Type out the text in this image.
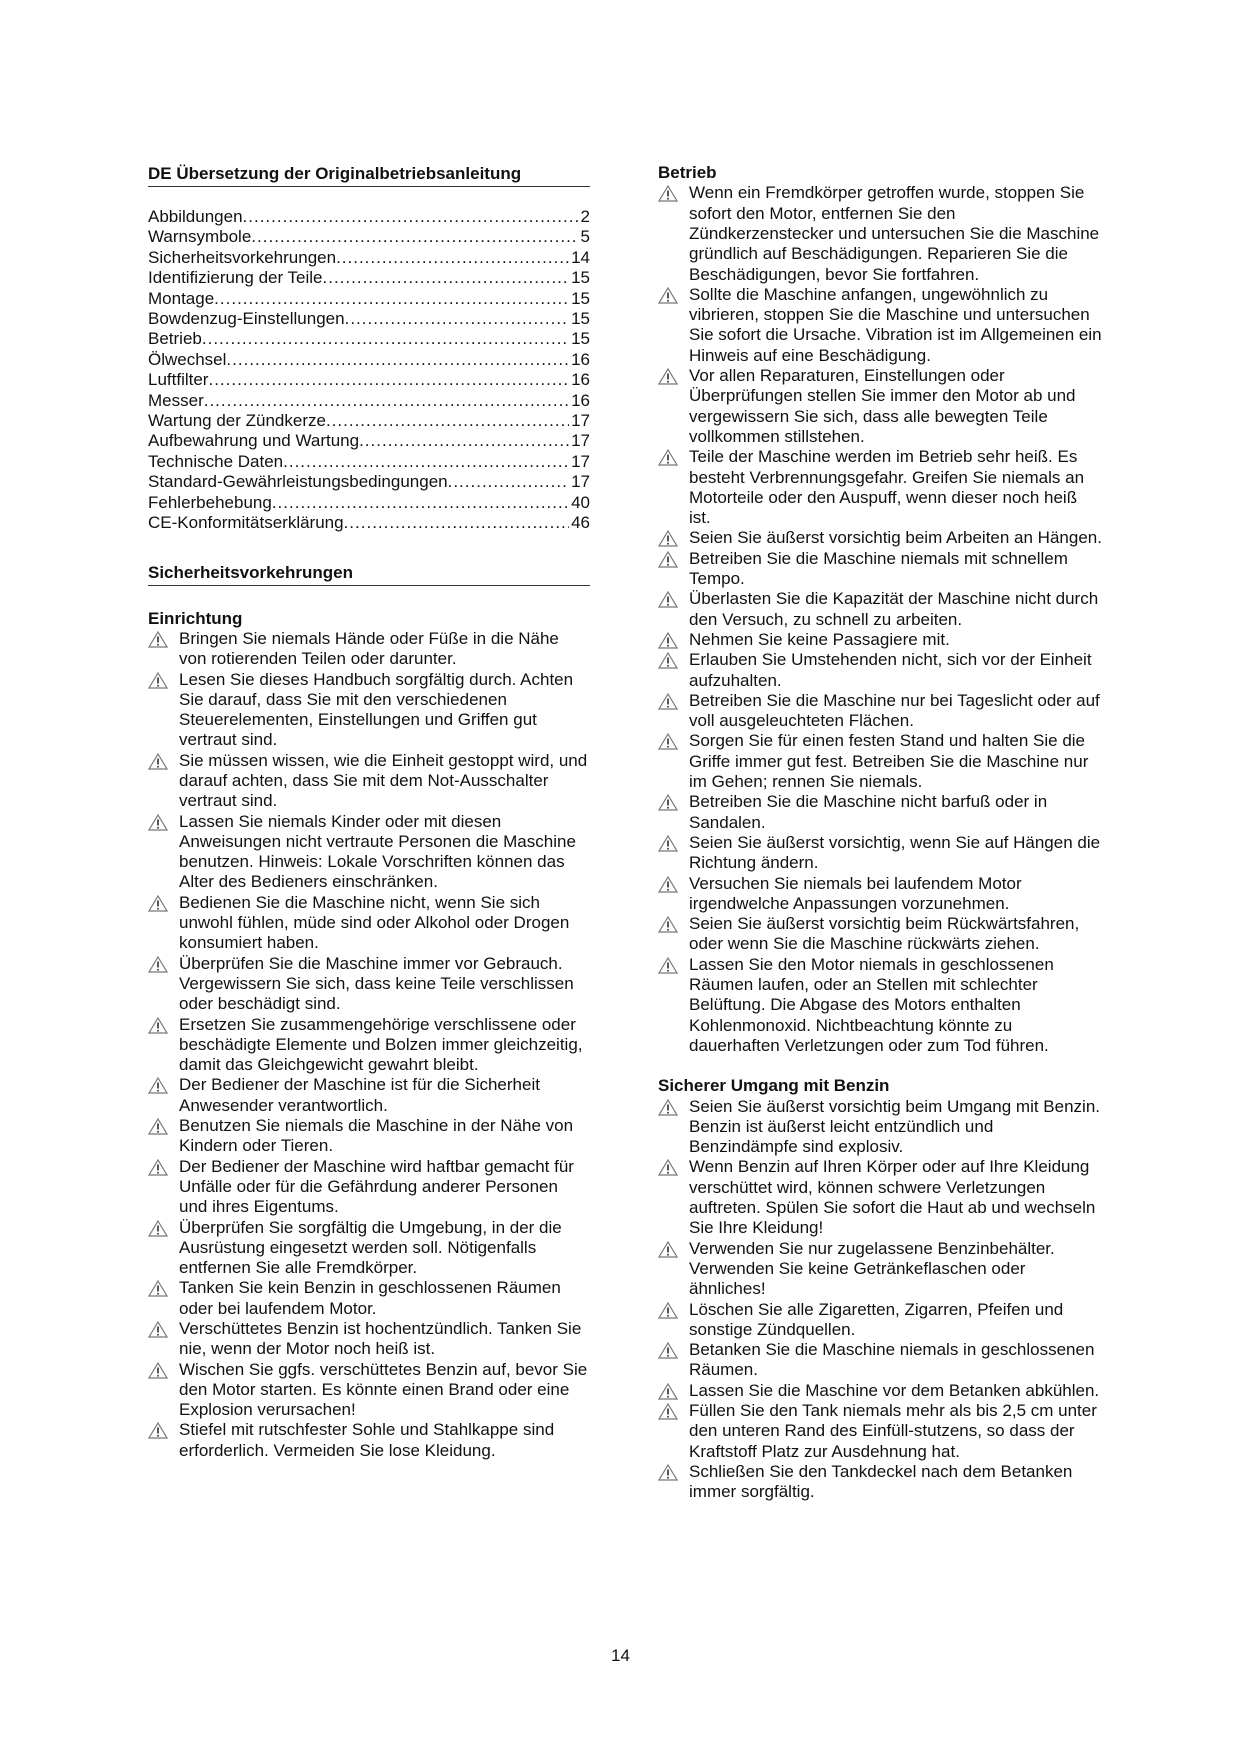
DE Übersetzung der Originalbetriebsanleitung
Abbildungen .....	2
Warnsymbole .....	5
Sicherheitsvorkehrungen .....	14
Identifizierung der Teile .....	15
Montage .....	15
Bowdenzug-Einstellungen .....	15
Betrieb .....	15
Ölwechsel .....	16
Luftfilter .....	16
Messer .....	16
Wartung der Zündkerze .....	17
Aufbewahrung und Wartung .....	17
Technische Daten .....	17
Standard-Gewährleistungsbedingungen .....	17
Fehlerbehebung .....	40
CE-Konformitätserklärung .....	46
Sicherheitsvorkehrungen
Einrichtung
Bringen Sie niemals Hände oder Füße in die Nähe von rotierenden Teilen oder darunter.
Lesen Sie dieses Handbuch sorgfältig durch. Achten Sie darauf, dass Sie mit den verschiedenen Steuerelementen, Einstellungen und Griffen gut vertraut sind.
Sie müssen wissen, wie die Einheit gestoppt wird, und darauf achten, dass Sie mit dem Not-Ausschalter vertraut sind.
Lassen Sie niemals Kinder oder mit diesen Anweisungen nicht vertraute Personen die Maschine benutzen. Hinweis: Lokale Vorschriften können das Alter des Bedieners einschränken.
Bedienen Sie die Maschine nicht, wenn Sie sich unwohl fühlen, müde sind oder Alkohol oder Drogen konsumiert haben.
Überprüfen Sie die Maschine immer vor Gebrauch. Vergewissern Sie sich, dass keine Teile verschlissen oder beschädigt sind.
Ersetzen Sie zusammengehörige verschlissene oder beschädigte Elemente und Bolzen immer gleichzeitig, damit das Gleichgewicht gewahrt bleibt.
Der Bediener der Maschine ist für die Sicherheit Anwesender verantwortlich.
Benutzen Sie niemals die Maschine in der Nähe von Kindern oder Tieren.
Der Bediener der Maschine wird haftbar gemacht für Unfälle oder für die Gefährdung anderer Personen und ihres Eigentums.
Überprüfen Sie sorgfältig die Umgebung, in der die Ausrüstung eingesetzt werden soll. Nötigenfalls entfernen Sie alle Fremdkörper.
Tanken Sie kein Benzin in geschlossenen Räumen oder bei laufendem Motor.
Verschüttetes Benzin ist hochentzündlich. Tanken Sie nie, wenn der Motor noch heiß ist.
Wischen Sie ggfs. verschüttetes Benzin auf, bevor Sie den Motor starten. Es könnte einen Brand oder eine Explosion verursachen!
Stiefel mit rutschfester Sohle und Stahlkappe sind erforderlich. Vermeiden Sie lose Kleidung.
Betrieb
Wenn ein Fremdkörper getroffen wurde, stoppen Sie sofort den Motor, entfernen Sie den Zündkerzenstecker und untersuchen Sie die Maschine gründlich auf Beschädigungen. Reparieren Sie die Beschädigungen, bevor Sie fortfahren.
Sollte die Maschine anfangen, ungewöhnlich zu vibrieren, stoppen Sie die Maschine und untersuchen Sie sofort die Ursache. Vibration ist im Allgemeinen ein Hinweis auf eine Beschädigung.
Vor allen Reparaturen, Einstellungen oder Überprüfungen stellen Sie immer den Motor ab und vergewissern Sie sich, dass alle bewegten Teile vollkommen stillstehen.
Teile der Maschine werden im Betrieb sehr heiß. Es besteht Verbrennungsgefahr. Greifen Sie niemals an Motorteile oder den Auspuff, wenn dieser noch heiß ist.
Seien Sie äußerst vorsichtig beim Arbeiten an Hängen.
Betreiben Sie die Maschine niemals mit schnellem Tempo.
Überlasten Sie die Kapazität der Maschine nicht durch den Versuch, zu schnell zu arbeiten.
Nehmen Sie keine Passagiere mit.
Erlauben Sie Umstehenden nicht, sich vor der Einheit aufzuhalten.
Betreiben Sie die Maschine nur bei Tageslicht oder auf voll ausgeleuchteten Flächen.
Sorgen Sie für einen festen Stand und halten Sie die Griffe immer gut fest. Betreiben Sie die Maschine nur im Gehen; rennen Sie niemals.
Betreiben Sie die Maschine nicht barfuß oder in Sandalen.
Seien Sie äußerst vorsichtig, wenn Sie auf Hängen die Richtung ändern.
Versuchen Sie niemals bei laufendem Motor irgendwelche Anpassungen vorzunehmen.
Seien Sie äußerst vorsichtig beim Rückwärtsfahren, oder wenn Sie die Maschine rückwärts ziehen.
Lassen Sie den Motor niemals in geschlossenen Räumen laufen, oder an Stellen mit schlechter Belüftung. Die Abgase des Motors enthalten Kohlenmonoxid. Nichtbeachtung könnte zu dauerhaften Verletzungen oder zum Tod führen.
Sicherer Umgang mit Benzin
Seien Sie äußerst vorsichtig beim Umgang mit Benzin. Benzin ist äußerst leicht entzündlich und Benzindämpfe sind explosiv.
Wenn Benzin auf Ihren Körper oder auf Ihre Kleidung verschüttet wird, können schwere Verletzungen auftreten. Spülen Sie sofort die Haut ab und wechseln Sie Ihre Kleidung!
Verwenden Sie nur zugelassene Benzinbehälter. Verwenden Sie keine Getränkeflaschen oder ähnliches!
Löschen Sie alle Zigaretten, Zigarren, Pfeifen und sonstige Zündquellen.
Betanken Sie die Maschine niemals in geschlossenen Räumen.
Lassen Sie die Maschine vor dem Betanken abkühlen.
Füllen Sie den Tank niemals mehr als bis 2,5 cm unter den unteren Rand des Einfüll-stutzens, so dass der Kraftstoff Platz zur Ausdehnung hat.
Schließen Sie den Tankdeckel nach dem Betanken immer sorgfältig.
14
